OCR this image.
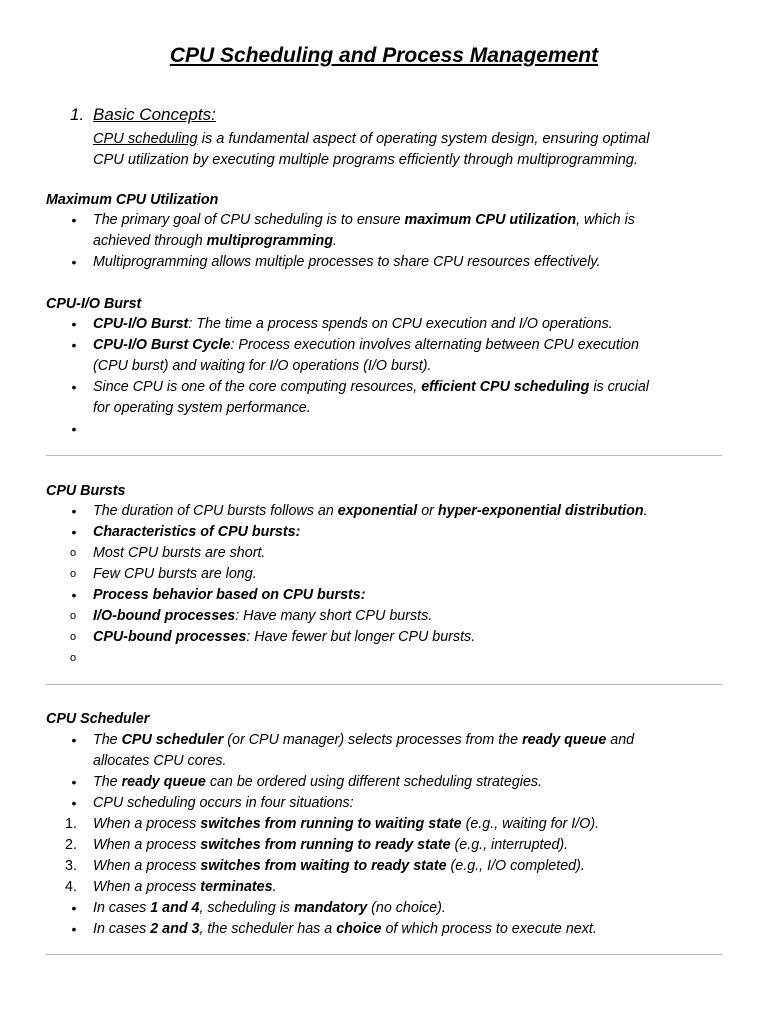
CPU Scheduling and Process Management
1. Basic Concepts:
CPU scheduling is a fundamental aspect of operating system design, ensuring optimal
CPU utilization by executing multiple programs efficiently through multiprogramming.
Maximum CPU Utilization
• The primary goal of CPU scheduling is to ensure maximum CPU utilization, which is
achieved through multiprogramming.
• Multiprogramming allows multiple processes to share CPU resources effectively.
CPU-I/O Burst
• CPU-I/O Burst: The time a process spends on CPU execution and I/O operations.
• CPU-I/O Burst Cycle: Process execution involves alternating between CPU execution
(CPU burst) and waiting for I/O operations (I/O burst).
• Since CPU is one of the core computing resources, efficient CPU scheduling is crucial
for operating system performance.
•

CPU Bursts
• The duration of CPU bursts follows an exponential or hyper-exponential distribution.
• Characteristics of CPU bursts:
o Most CPU bursts are short.
o Few CPU bursts are long.
• Process behavior based on CPU bursts:
o I/O-bound processes: Have many short CPU bursts.
o CPU-bound processes: Have fewer but longer CPU bursts.
o

CPU Scheduler
• The CPU scheduler (or CPU manager) selects processes from the ready queue and
allocates CPU cores.
• The ready queue can be ordered using different scheduling strategies.
• CPU scheduling occurs in four situations:
1.	When a process switches from running to waiting state (e.g., waiting for I/O).
2.	When a process switches from running to ready state (e.g., interrupted).
3.	When a process switches from waiting to ready state (e.g., I/O completed).
4.	When a process terminates.
• In cases 1 and 4, scheduling is mandatory (no choice).
• In cases 2 and 3, the scheduler has a choice of which process to execute next.
